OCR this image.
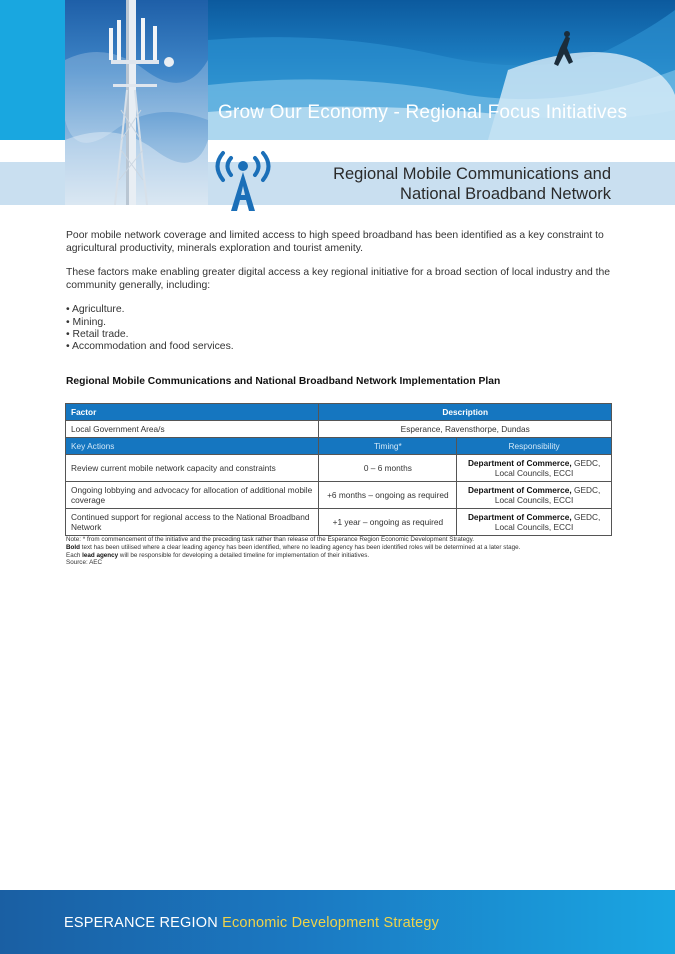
Grow Our Economy - Regional Focus Initiatives
Regional Mobile Communications and
National Broadband Network

Poor mobile network coverage and limited access to high speed broadband has been identified as a key constraint to agricultural productivity, minerals exploration and tourist amenity.

These factors make enabling greater digital access a key regional initiative for a broad section of local industry and the community generally, including:

• Agriculture.
• Mining.
• Retail trade.
• Accommodation and food services.
Regional Mobile Communications and National Broadband Network Implementation Plan
Factor	Description	
Local Government Area/s	Esperance, Ravensthorpe, Dundas	
Key Actions	Timing*	Responsibility
Review current mobile network capacity and constraints	0 – 6 months	Department of Commerce, GEDC, Local Councils, ECCI
Ongoing lobbying and advocacy for allocation of additional mobile coverage	+6 months – ongoing as required	Department of Commerce, GEDC, Local Councils, ECCI
Continued support for regional access to the National Broadband Network	+1 year – ongoing as required	Department of Commerce, GEDC, Local Councils, ECCI
Note: * from commencement of the initiative and the preceding task rather than release of the Esperance Region Economic Development Strategy.
Bold text has been utilised where a clear leading agency has been identified, where no leading agency has been identified roles will be determined at a later stage.
Each lead agency will be responsible for developing a detailed timeline for implementation of their initiatives.
Source: AEC
ESPERANCE REGION Economic Development Strategy
